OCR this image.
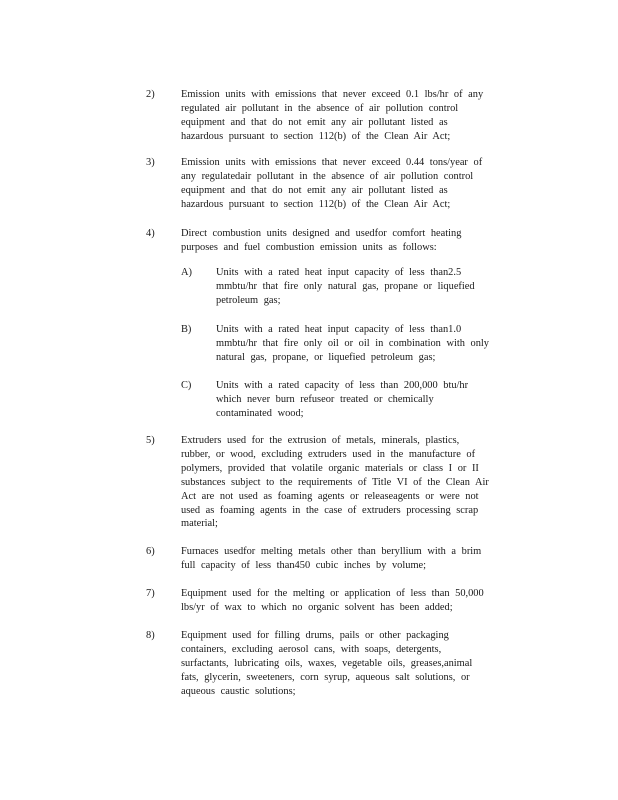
2)	Emission units with emissions that never exceed 0.1 lbs/hr of any
regulated air pollutant in the absence of air pollution control
equipment and that do not emit any air pollutant listed as
hazardous pursuant to section 112(b) of the Clean Air Act;
3)	Emission units with emissions that never exceed 0.44 tons/year of
any regulatedair pollutant in the absence of air pollution control
equipment and that do not emit any air pollutant listed as
hazardous pursuant to section 112(b) of the Clean Air Act;
4)	Direct combustion units designed and usedfor comfort heating
purposes and fuel combustion emission units as follows:
A)	Units with a rated heat input capacity of less than2.5
mmbtu/hr that fire only natural gas, propane or liquefied
petroleum gas;
B)	Units with a rated heat input capacity of less than1.0
mmbtu/hr that fire only oil or oil in combination with only
natural gas, propane, or liquefied petroleum gas;
C)	Units with a rated capacity of less than 200,000 btu/hr
which never burn refuseor treated or chemically
contaminated wood;
5)	Extruders used for the extrusion of metals, minerals, plastics,
rubber, or wood, excluding extruders used in the manufacture of
polymers, provided that volatile organic materials or class I or II
substances subject to the requirements of Title VI of the Clean Air
Act are not used as foaming agents or releaseagents or were not
used as foaming agents in the case of extruders processing scrap
material;
6)	Furnaces usedfor melting metals other than beryllium with a brim
full capacity of less than450 cubic inches by volume;
7)	Equipment used for the melting or application of less than 50,000
lbs/yr of wax to which no organic solvent has been added;
8)	Equipment used for filling drums, pails or other packaging
containers, excluding aerosol cans, with soaps, detergents,
surfactants, lubricating oils, waxes, vegetable oils, greases,animal
fats, glycerin, sweeteners, corn syrup, aqueous salt solutions, or
aqueous caustic solutions;
